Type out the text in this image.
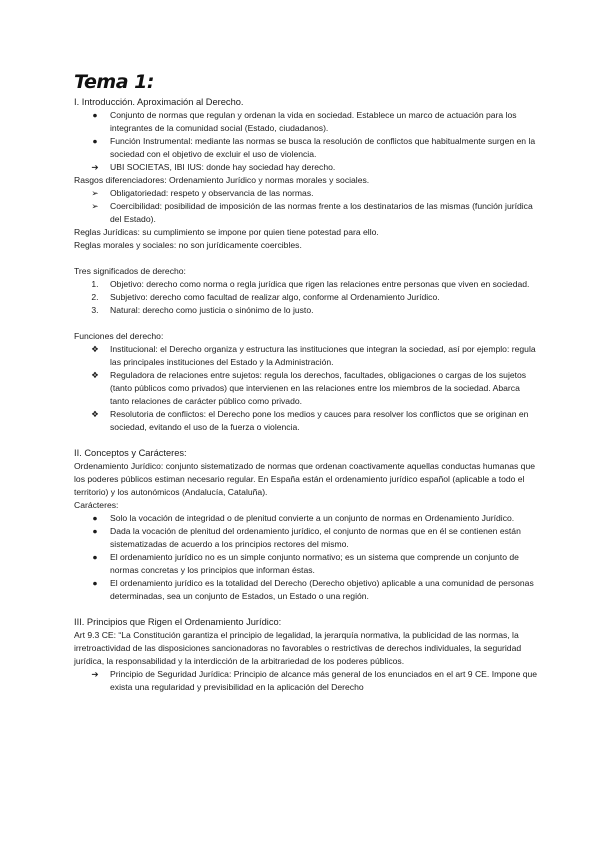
Tema 1:

I. Introducción. Aproximación al Derecho.

●	Conjunto de normas que regulan y ordenan la vida en sociedad. Establece un marco de actuación para los integrantes de la comunidad social (Estado, ciudadanos).
●	Función Instrumental: mediante las normas se busca la resolución de conflictos que habitualmente surgen en la sociedad con el objetivo de excluir el uso de violencia.
➔	UBI SOCIETAS, IBI IUS: donde hay sociedad hay derecho.

Rasgos diferenciadores: Ordenamiento Jurídico y normas morales y sociales.

➢	Obligatoriedad: respeto y observancia de las normas.
➢	Coercibilidad: posibilidad de imposición de las normas frente a los destinatarios de las mismas (función jurídica del Estado).

Reglas Jurídicas: su cumplimiento se impone por quien tiene potestad para ello.

Reglas morales y sociales: no son jurídicamente coercibles.

Tres significados de derecho:

1.	Objetivo: derecho como norma o regla jurídica que rigen las relaciones entre personas que viven en sociedad.
2.	Subjetivo: derecho como facultad de realizar algo, conforme al Ordenamiento Jurídico.
3.	Natural: derecho como justicia o sinónimo de lo justo.

Funciones del derecho:

❖	Institucional: el Derecho organiza y estructura las instituciones que integran la sociedad, así por ejemplo: regula las principales instituciones del Estado y la Administración.
❖	Reguladora de relaciones entre sujetos: regula los derechos, facultades, obligaciones o cargas de los sujetos (tanto públicos como privados) que intervienen en las relaciones entre los miembros de la sociedad. Abarca tanto relaciones de carácter público como privado.
❖	Resolutoria de conflictos: el Derecho pone los medios y cauces para resolver los conflictos que se originan en sociedad, evitando el uso de la fuerza o violencia.

II. Conceptos y Carácteres:

Ordenamiento Jurídico: conjunto sistematizado de normas que ordenan coactivamente aquellas conductas humanas que los poderes públicos estiman necesario regular. En España están el ordenamiento jurídico español (aplicable a todo el territorio) y los autonómicos (Andalucía, Cataluña).

Carácteres:

●	Solo la vocación de integridad o de plenitud convierte a un conjunto de normas en Ordenamiento Jurídico.
●	Dada la vocación de plenitud del ordenamiento jurídico, el conjunto de normas que en él se contienen están sistematizadas de acuerdo a los principios rectores del mismo.
●	El ordenamiento jurídico no es un simple conjunto normativo; es un sistema que comprende un conjunto de normas concretas y los principios que informan éstas.
●	El ordenamiento jurídico es la totalidad del Derecho (Derecho objetivo) aplicable a una comunidad de personas determinadas, sea un conjunto de Estados, un Estado o una región.

III. Principios que Rigen el Ordenamiento Jurídico:

Art 9.3 CE: “La Constitución garantiza el principio de legalidad, la jerarquía normativa, la publicidad de las normas, la irretroactividad de las disposiciones sancionadoras no favorables o restrictivas de derechos individuales, la seguridad jurídica, la responsabilidad y la interdicción de la arbitrariedad de los poderes públicos.

➔	Principio de Seguridad Jurídica: Principio de alcance más general de los enunciados en el art 9 CE. Impone que exista una regularidad y previsibilidad en la aplicación del Derecho
